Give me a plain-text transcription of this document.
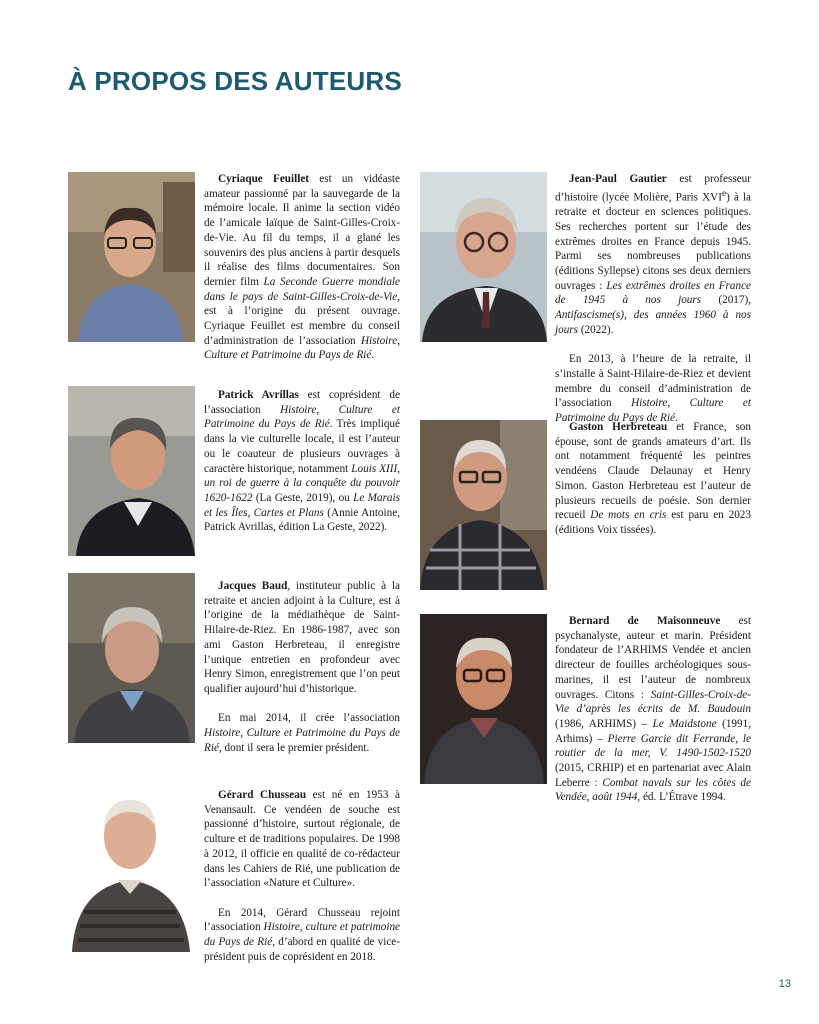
À PROPOS DES AUTEURS

Cyriaque Feuillet est un vidéaste amateur passionné par la sauvegarde de la mémoire locale. Il anime la section vidéo de l’amicale laïque de Saint-Gilles-Croix-de-Vie. Au fil du temps, il a glané les souvenirs des plus anciens à partir desquels il réalise des films documentaires. Son dernier film La Seconde Guerre mondiale dans le pays de Saint-Gilles-Croix-de-Vie, est à l’origine du présent ouvrage. Cyriaque Feuillet est membre du conseil d’administration de l’association Histoire, Culture et Patrimoine du Pays de Rié.

Patrick Avrillas est coprésident de l’association Histoire, Culture et Patrimoine du Pays de Rié. Très impliqué dans la vie culturelle locale, il est l’auteur ou le coauteur de plusieurs ouvrages à caractère historique, notamment Louis XIII, un roi de guerre à la conquête du pouvoir 1620-1622 (La Geste, 2019), ou Le Marais et les Îles, Cartes et Plans (Annie Antoine, Patrick Avrillas, édition La Geste, 2022).

Jacques Baud, instituteur public à la retraite et ancien adjoint à la Culture, est à l’origine de la médiathèque de Saint-Hilaire-de-Riez. En 1986-1987, avec son ami Gaston Herbreteau, il enregistre l’unique entretien en profondeur avec Henry Simon, enregistrement que l’on peut qualifier aujourd’hui d’historique.

En mai 2014, il crée l’association Histoire, Culture et Patrimoine du Pays de Rié, dont il sera le premier président.

Gérard Chusseau est né en 1953 à Venansault. Ce vendéen de souche est passionné d’histoire, surtout régionale, de culture et de traditions populaires. De 1998 à 2012, il officie en qualité de co-rédacteur dans les Cahiers de Rié, une publication de l’association «Nature et Culture».

En 2014, Gérard Chusseau rejoint l’association Histoire, culture et patrimoine du Pays de Rié, d’abord en qualité de vice-président puis de coprésident en 2018.

Jean-Paul Gautier est professeur d’histoire (lycée Molière, Paris XVIe) à la retraite et docteur en sciences politiques. Ses recherches portent sur l’étude des extrêmes droites en France depuis 1945. Parmi ses nombreuses publications (éditions Syllepse) citons ses deux derniers ouvrages : Les extrêmes droites en France de 1945 à nos jours (2017), Antifascisme(s), des années 1960 à nos jours (2022).

En 2013, à l’heure de la retraite, il s’installe à Saint-Hilaire-de-Riez et devient membre du conseil d’administration de l’association Histoire, Culture et Patrimoine du Pays de Rié.

Gaston Herbreteau et France, son épouse, sont de grands amateurs d’art. Ils ont notamment fréquenté les peintres vendéens Claude Delaunay et Henry Simon. Gaston Herbreteau est l’auteur de plusieurs recueils de poésie. Son dernier recueil De mots en cris est paru en 2023 (éditions Voix tissées).

Bernard de Maisonneuve est psychanalyste, auteur et marin. Président fondateur de l’ARHIMS Vendée et ancien directeur de fouilles archéologiques sous-marines, il est l’auteur de nombreux ouvrages. Citons : Saint-Gilles-Croix-de-Vie d’après les écrits de M. Baudouin (1986, ARHIMS) – Le Maidstone (1991, Arhims) – Pierre Garcie dit Ferrande, le routier de la mer, V. 1490-1502-1520 (2015, CRHIP) et en partenariat avec Alain Leberre : Combat navals sur les côtes de Vendée, août 1944, éd. L’Étrave 1994.

13
